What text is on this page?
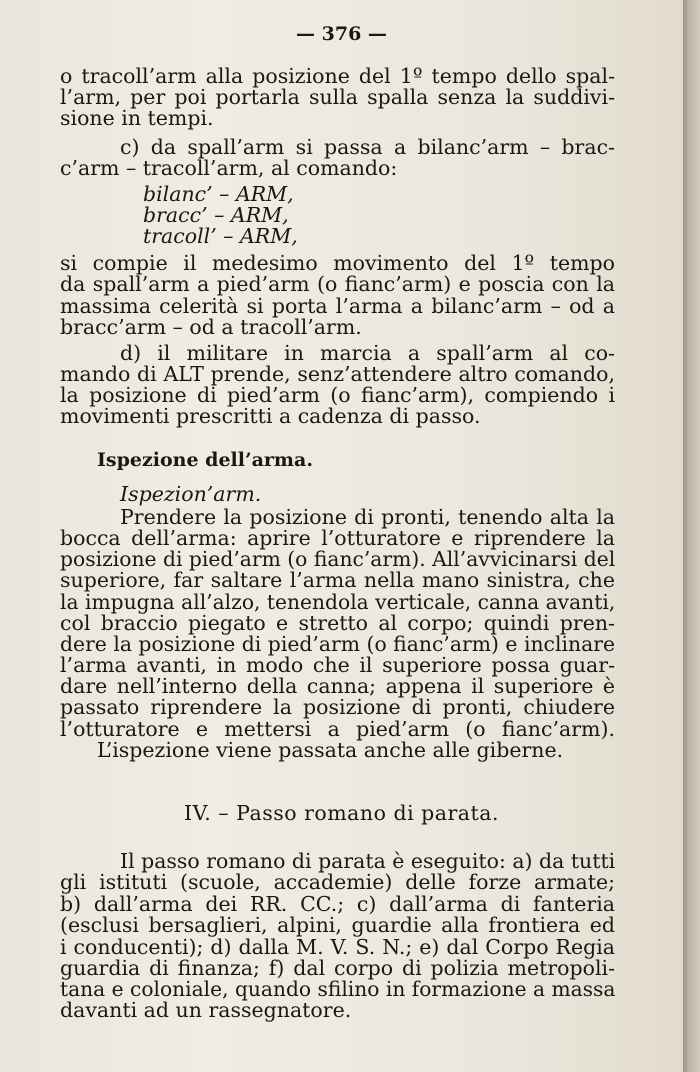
— 376 —
o tracoll’arm alla posizione del 1º tempo dello spal-
l’arm, per poi portarla sulla spalla senza la suddivi-
sione in tempi.
c) da spall’arm si passa a bilanc’arm – brac-
c’arm – tracoll’arm, al comando:
bilanc’ – ARM,
bracc’ – ARM,
tracoll’ – ARM,
si compie il medesimo movimento del 1º tempo
da spall’arm a pied’arm (o fianc’arm) e poscia con la
massima celerità si porta l’arma a bilanc’arm – od a
bracc’arm – od a tracoll’arm.
d) il militare in marcia a spall’arm al co-
mando di ALT prende, senz’attendere altro comando,
la posizione di pied’arm (o fianc’arm), compiendo i
movimenti prescritti a cadenza di passo.
Ispezione dell’arma.
Ispezion’arm.
Prendere la posizione di pronti, tenendo alta la
bocca dell’arma: aprire l’otturatore e riprendere la
posizione di pied’arm (o fianc’arm). All’avvicinarsi del
superiore, far saltare l’arma nella mano sinistra, che
la impugna all’alzo, tenendola verticale, canna avanti,
col braccio piegato e stretto al corpo; quindi pren-
dere la posizione di pied’arm (o fianc’arm) e inclinare
l’arma avanti, in modo che il superiore possa guar-
dare nell’interno della canna; appena il superiore è
passato riprendere la posizione di pronti, chiudere
l’otturatore e mettersi a pied’arm (o fianc’arm).
L’ispezione viene passata anche alle giberne.
IV. – Passo romano di parata.
Il passo romano di parata è eseguito: a) da tutti
gli istituti (scuole, accademie) delle forze armate;
b) dall’arma dei RR. CC.; c) dall’arma di fanteria
(esclusi bersaglieri, alpini, guardie alla frontiera ed
i conducenti); d) dalla M. V. S. N.; e) dal Corpo Regia
guardia di finanza; f) dal corpo di polizia metropoli-
tana e coloniale, quando sfilino in formazione a massa
davanti ad un rassegnatore.
